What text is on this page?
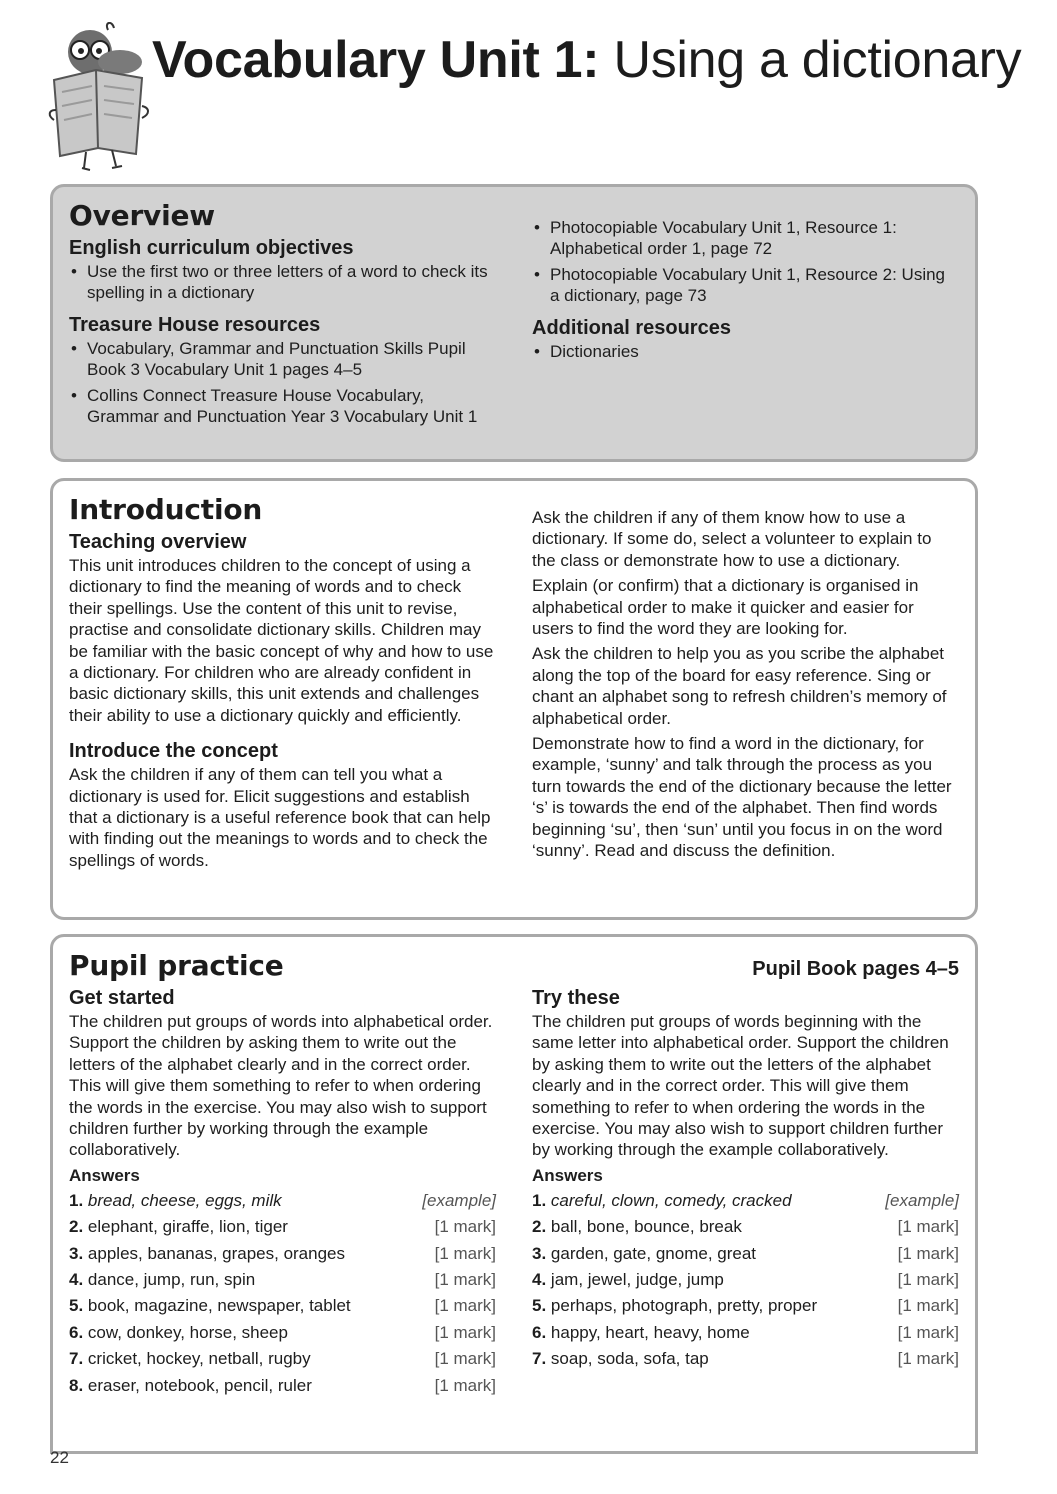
Vocabulary Unit 1: Using a dictionary
Overview
English curriculum objectives
• Use the first two or three letters of a word to check its spelling in a dictionary
Treasure House resources
• Vocabulary, Grammar and Punctuation Skills Pupil Book 3 Vocabulary Unit 1 pages 4–5
• Collins Connect Treasure House Vocabulary, Grammar and Punctuation Year 3 Vocabulary Unit 1
• Photocopiable Vocabulary Unit 1, Resource 1: Alphabetical order 1, page 72
• Photocopiable Vocabulary Unit 1, Resource 2: Using a dictionary, page 73
Additional resources
• Dictionaries
Introduction
Teaching overview

This unit introduces children to the concept of using a dictionary to find the meaning of words and to check their spellings. Use the content of this unit to revise, practise and consolidate dictionary skills. Children may be familiar with the basic concept of why and how to use a dictionary. For children who are already confident in basic dictionary skills, this unit extends and challenges their ability to use a dictionary quickly and efficiently.

Introduce the concept

Ask the children if any of them can tell you what a dictionary is used for. Elicit suggestions and establish that a dictionary is a useful reference book that can help with finding out the meanings to words and to check the spellings of words.

Ask the children if any of them know how to use a dictionary. If some do, select a volunteer to explain to the class or demonstrate how to use a dictionary.

Explain (or confirm) that a dictionary is organised in alphabetical order to make it quicker and easier for users to find the word they are looking for.

Ask the children to help you as you scribe the alphabet along the top of the board for easy reference. Sing or chant an alphabet song to refresh children’s memory of alphabetical order.

Demonstrate how to find a word in the dictionary, for example, ‘sunny’ and talk through the process as you turn towards the end of the dictionary because the letter ‘s’ is towards the end of the alphabet. Then find words beginning ‘su’, then ‘sun’ until you focus in on the word ‘sunny’. Read and discuss the definition.

Pupil practice	Pupil Book pages 4–5
Get started

The children put groups of words into alphabetical order. Support the children by asking them to write out the letters of the alphabet clearly and in the correct order. This will give them something to refer to when ordering the words in the exercise. You may also wish to support children further by working through the example collaboratively.

Answers
1. bread, cheese, eggs, milk	[example]
2. elephant, giraffe, lion, tiger	[1 mark]
3. apples, bananas, grapes, oranges	[1 mark]
4. dance, jump, run, spin	[1 mark]
5. book, magazine, newspaper, tablet	[1 mark]
6. cow, donkey, horse, sheep	[1 mark]
7. cricket, hockey, netball, rugby	[1 mark]
8. eraser, notebook, pencil, ruler	[1 mark]
Try these

The children put groups of words beginning with the same letter into alphabetical order. Support the children by asking them to write out the letters of the alphabet clearly and in the correct order. This will give them something to refer to when ordering the words in the exercise. You may also wish to support children further by working through the example collaboratively.

Answers
1. careful, clown, comedy, cracked	[example]
2. ball, bone, bounce, break	[1 mark]
3. garden, gate, gnome, great	[1 mark]
4. jam, jewel, judge, jump	[1 mark]
5. perhaps, photograph, pretty, proper	[1 mark]
6. happy, heart, heavy, home	[1 mark]
7. soap, soda, sofa, tap	[1 mark]
22
